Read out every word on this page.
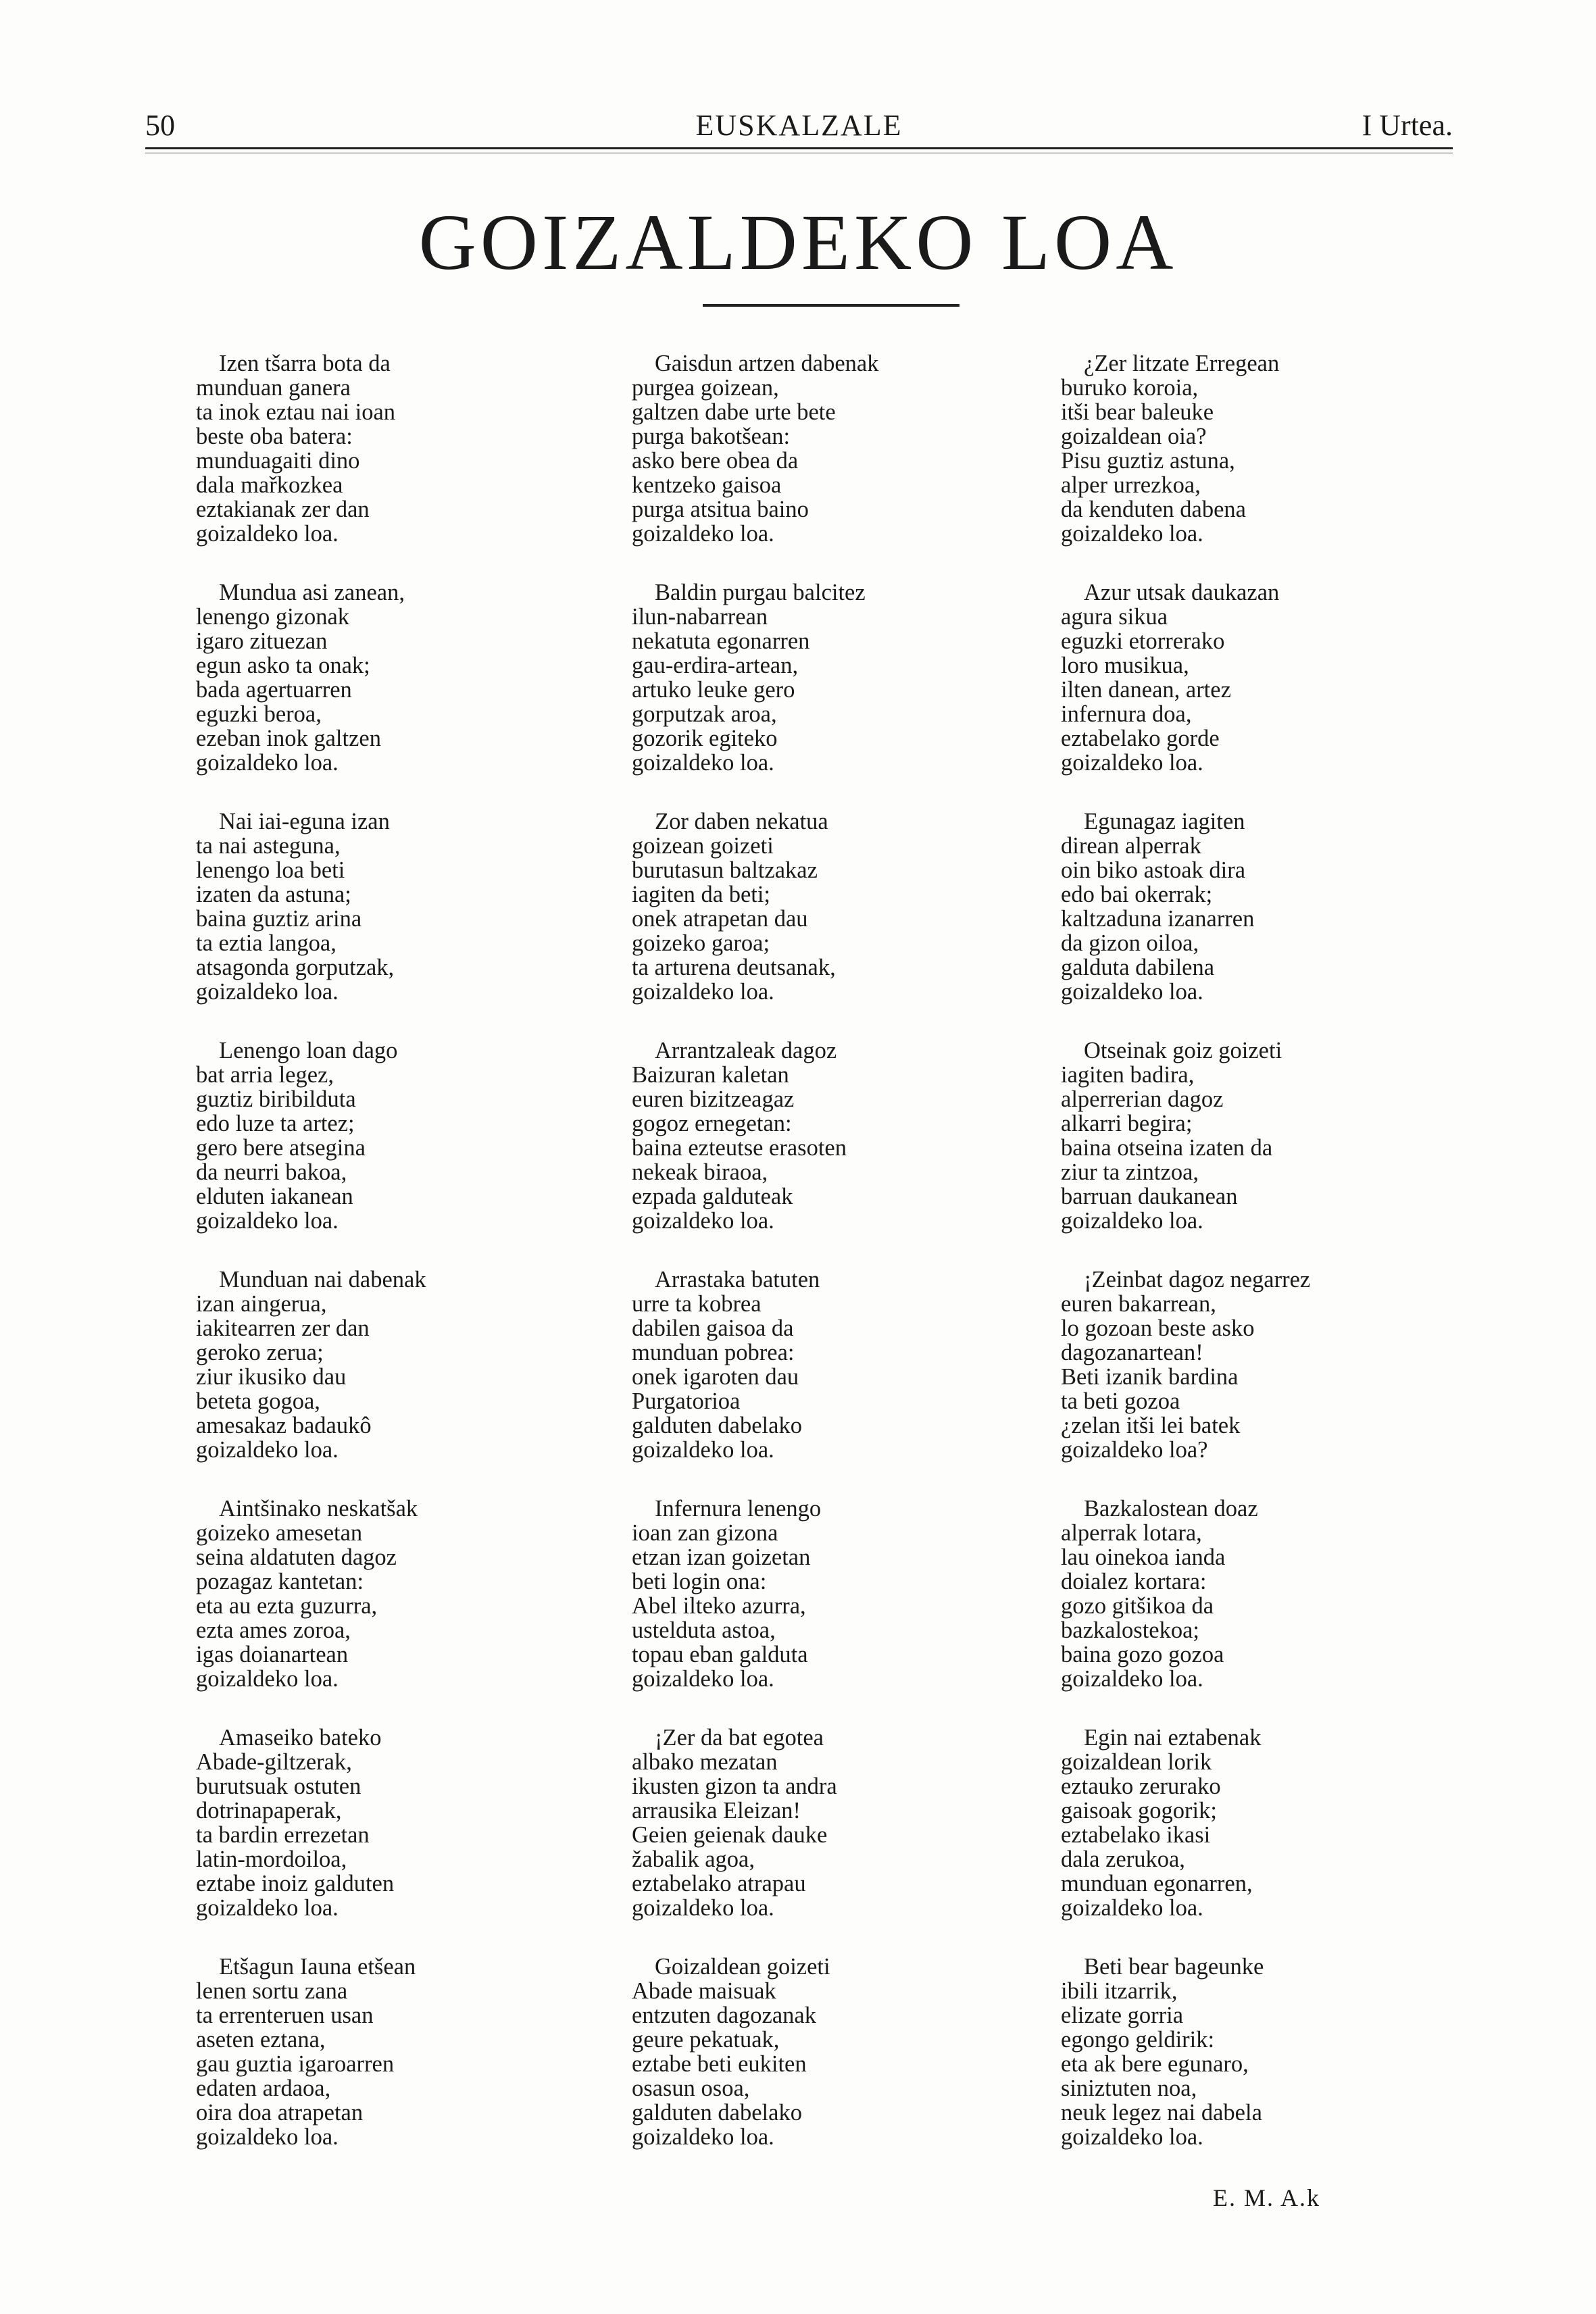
50	EUSKALZALE	I Urtea.
GOIZALDEKO LOA
Izen tšarra bota da
munduan ganera
ta inok eztau nai ioan
beste oba batera:
munduagaiti dino
dala mařkozkea
eztakianak zer dan
goizaldeko loa.
Mundua asi zanean,
lenengo gizonak
igaro zituezan
egun asko ta onak;
bada agertuarren
eguzki beroa,
ezeban inok galtzen
goizaldeko loa.
Nai iai-eguna izan
ta nai asteguna,
lenengo loa beti
izaten da astuna;
baina guztiz arina
ta eztia langoa,
atsagonda gorputzak,
goizaldeko loa.
Lenengo loan dago
bat arria legez,
guztiz biribilduta
edo luze ta artez;
gero bere atsegina
da neurri bakoa,
elduten iakanean
goizaldeko loa.
Munduan nai dabenak
izan aingerua,
iakitearren zer dan
geroko zerua;
ziur ikusiko dau
beteta gogoa,
amesakaz badaukô
goizaldeko loa.
Aintšinako neskatšak
goizeko amesetan
seina aldatuten dagoz
pozagaz kantetan:
eta au ezta guzurra,
ezta ames zoroa,
igas doianartean
goizaldeko loa.
Amaseiko bateko
Abade-giltzerak,
burutsuak ostuten
dotrinapaperak,
ta bardin errezetan
latin-mordoiloa,
eztabe inoiz galduten
goizaldeko loa.
Etšagun Iauna etšean
lenen sortu zana
ta errenteruen usan
aseten eztana,
gau guztia igaroarren
edaten ardaoa,
oira doa atrapetan
goizaldeko loa.
Gaisdun artzen dabenak
purgea goizean,
galtzen dabe urte bete
purga bakotšean:
asko bere obea da
kentzeko gaisoa
purga atsitua baino
goizaldeko loa.
Baldin purgau balcitez
ilun-nabarrean
nekatuta egonarren
gau-erdira-artean,
artuko leuke gero
gorputzak aroa,
gozorik egiteko
goizaldeko loa.
Zor daben nekatua
goizean goizeti
burutasun baltzakaz
iagiten da beti;
onek atrapetan dau
goizeko garoa;
ta arturena deutsanak,
goizaldeko loa.
Arrantzaleak dagoz
Baizuran kaletan
euren bizitzeagaz
gogoz ernegetan:
baina ezteutse erasoten
nekeak biraoa,
ezpada galduteak
goizaldeko loa.
Arrastaka batuten
urre ta kobrea
dabilen gaisoa da
munduan pobrea:
onek igaroten dau
Purgatorioa
galduten dabelako
goizaldeko loa.
Infernura lenengo
ioan zan gizona
etzan izan goizetan
beti login ona:
Abel ilteko azurra,
ustelduta astoa,
topau eban galduta
goizaldeko loa.
¡Zer da bat egotea
albako mezatan
ikusten gizon ta andra
arrausika Eleizan!
Geien geienak dauke
žabalik agoa,
eztabelako atrapau
goizaldeko loa.
Goizaldean goizeti
Abade maisuak
entzuten dagozanak
geure pekatuak,
eztabe beti eukiten
osasun osoa,
galduten dabelako
goizaldeko loa.
¿Zer litzate Erregean
buruko koroia,
itši bear baleuke
goizaldean oia?
Pisu guztiz astuna,
alper urrezkoa,
da kenduten dabena
goizaldeko loa.
Azur utsak daukazan
agura sikua
eguzki etorrerako
loro musikua,
ilten danean, artez
infernura doa,
eztabelako gorde
goizaldeko loa.
Egunagaz iagiten
direan alperrak
oin biko astoak dira
edo bai okerrak;
kaltzaduna izanarren
da gizon oiloa,
galduta dabilena
goizaldeko loa.
Otseinak goiz goizeti
iagiten badira,
alperrerian dagoz
alkarri begira;
baina otseina izaten da
ziur ta zintzoa,
barruan daukanean
goizaldeko loa.
¡Zeinbat dagoz negarrez
euren bakarrean,
lo gozoan beste asko
dagozanartean!
Beti izanik bardina
ta beti gozoa
¿zelan itši lei batek
goizaldeko loa?
Bazkalostean doaz
alperrak lotara,
lau oinekoa ianda
doialez kortara:
gozo gitšikoa da
bazkalostekoa;
baina gozo gozoa
goizaldeko loa.
Egin nai eztabenak
goizaldean lorik
eztauko zerurako
gaisoak gogorik;
eztabelako ikasi
dala zerukoa,
munduan egonarren,
goizaldeko loa.
Beti bear bageunke
ibili itzarrik,
elizate gorria
egongo geldirik:
eta ak bere egunaro,
siniztuten noa,
neuk legez nai dabela
goizaldeko loa.
E. M. A.k
